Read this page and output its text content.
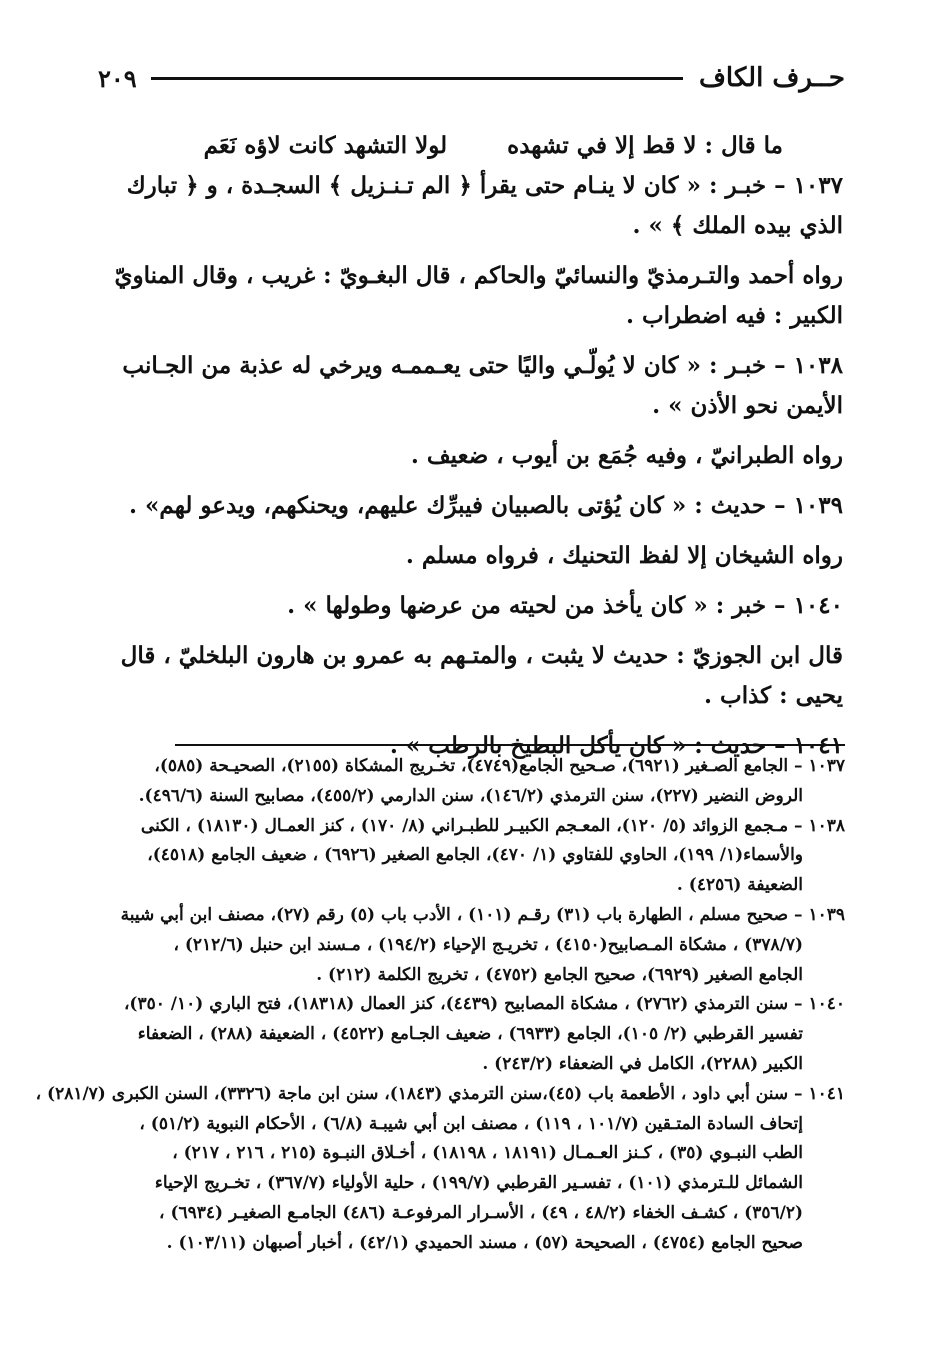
حــرف الكاف
٢٠٩
ما قال : لا قط إلا في تشهده
لولا التشهد كانت لاؤه نَعَم
١٠٣٧ – خبـر : « كان لا ينـام حتى يقرأ ﴿ الم تـنـزيل ﴾ السجـدة ، و ﴿ تبارك
الذي بيده الملك ﴾ » .
رواه أحمد والتـرمذيّ والنسائيّ والحاكم ، قال البغـويّ : غريب ، وقال المناويّ
الكبير : فيه اضطراب .
١٠٣٨ – خبـر : « كان لا يُولّـي واليًا حتى يعـممـه ويرخي له عذبة من الجـانب
الأيمن نحو الأذن » .
رواه الطبرانيّ ، وفيه جُمَع بن أيوب ، ضعيف .
١٠٣٩ – حديث : « كان يُؤتى بالصبيان فيبرِّك عليهم، ويحنكهم، ويدعو لهم» .
رواه الشيخان إلا لفظ التحنيك ، فرواه مسلم .
١٠٤٠ – خبر : « كان يأخذ من لحيته من عرضها وطولها » .
قال ابن الجوزيّ : حديث لا يثبت ، والمتـهم به عمرو بن هارون البلخليّ ، قال
يحيى : كذاب .
١٠٤١ – حديث : « كان يأكل البطيخ بالرطب » .
١٠٣٧ – الجامع الصـغير (٦٩٢١)، صـحيح الجامع(٤٧٤٩)، تخـريج المشكاة (٢١٥٥)، الصحيـحة (٥٨٥)،
الروض النضير (٢٢٧)، سنن الترمذي (١٤٦/٢)، سنن الدارمي (٤٥٥/٢)، مصابيح السنة (٤٩٦/٦).
١٠٣٨ – مـجمع الزوائد (٥/ ١٢٠)، المعـجم الكبيـر للطبـراني (٨/ ١٧٠) ، كنز العمـال (١٨١٣٠) ، الكنى
والأسماء(١/ ١٩٩)، الحاوي للفتاوي (١/ ٤٧٠)، الجامع الصغير (٦٩٢٦) ، ضعيف الجامع (٤٥١٨)،
الضعيفة (٤٢٥٦) .
١٠٣٩ – صحيح مسلم ، الطهارة باب (٣١) رقـم (١٠١) ، الأدب باب (٥) رقم (٢٧)، مصنف ابن أبي شيبة
(٣٧٨/٧) ، مشكاة المـصابيح(٤١٥٠) ، تخريـج الإحياء (١٩٤/٢) ، مـسند ابن حنبل (٢١٢/٦) ،
الجامع الصغير (٦٩٢٩)، صحيح الجامع (٤٧٥٢) ، تخريج الكلمة (٢١٢) .
١٠٤٠ – سنن الترمذي (٢٧٦٢) ، مشكاة المصابيح (٤٤٣٩)، كنز العمال (١٨٣١٨)، فتح الباري (١٠/ ٣٥٠)،
تفسير القرطبي (٢/ ١٠٥)، الجامع (٦٩٣٣) ، ضعيف الجـامع (٤٥٢٢) ، الضعيفة (٢٨٨) ، الضعفاء
الكبير (٢٢٨٨)، الكامل في الضعفاء (٢٤٣/٢) .
١٠٤١ – سنن أبي داود ، الأطعمة باب (٤٥)،سنن الترمذي (١٨٤٣)، سنن ابن ماجة (٣٣٢٦)، السنن الكبرى (٢٨١/٧) ،
إتحاف السادة المتـقين (١٠١/٧ ، ١١٩) ، مصنف ابن أبي شيبـة (٦/٨) ، الأحكام النبوية (٥١/٢) ،
الطب النبـوي (٣٥) ، كـنز العـمـال (١٨١٩١ ، ١٨١٩٨) ، أخـلاق النبـوة (٢١٥ ، ٢١٦ ، ٢١٧) ،
الشمائل للـترمذي (١٠١) ، تفسـير القرطبي (١٩٩/٧) ، حلية الأولياء (٣٦٧/٧) ، تخـريج الإحياء
(٣٥٦/٢) ، كشـف الخفاء (٤٨/٢ ، ٤٩) ، الأسـرار المرفوعـة (٤٨٦) الجامـع الصغيـر (٦٩٣٤) ،
صحيح الجامع (٤٧٥٤) ، الصحيحة (٥٧) ، مسند الحميدي (٤٢/١) ، أخبار أصبهان (١٠٣/١١) .
